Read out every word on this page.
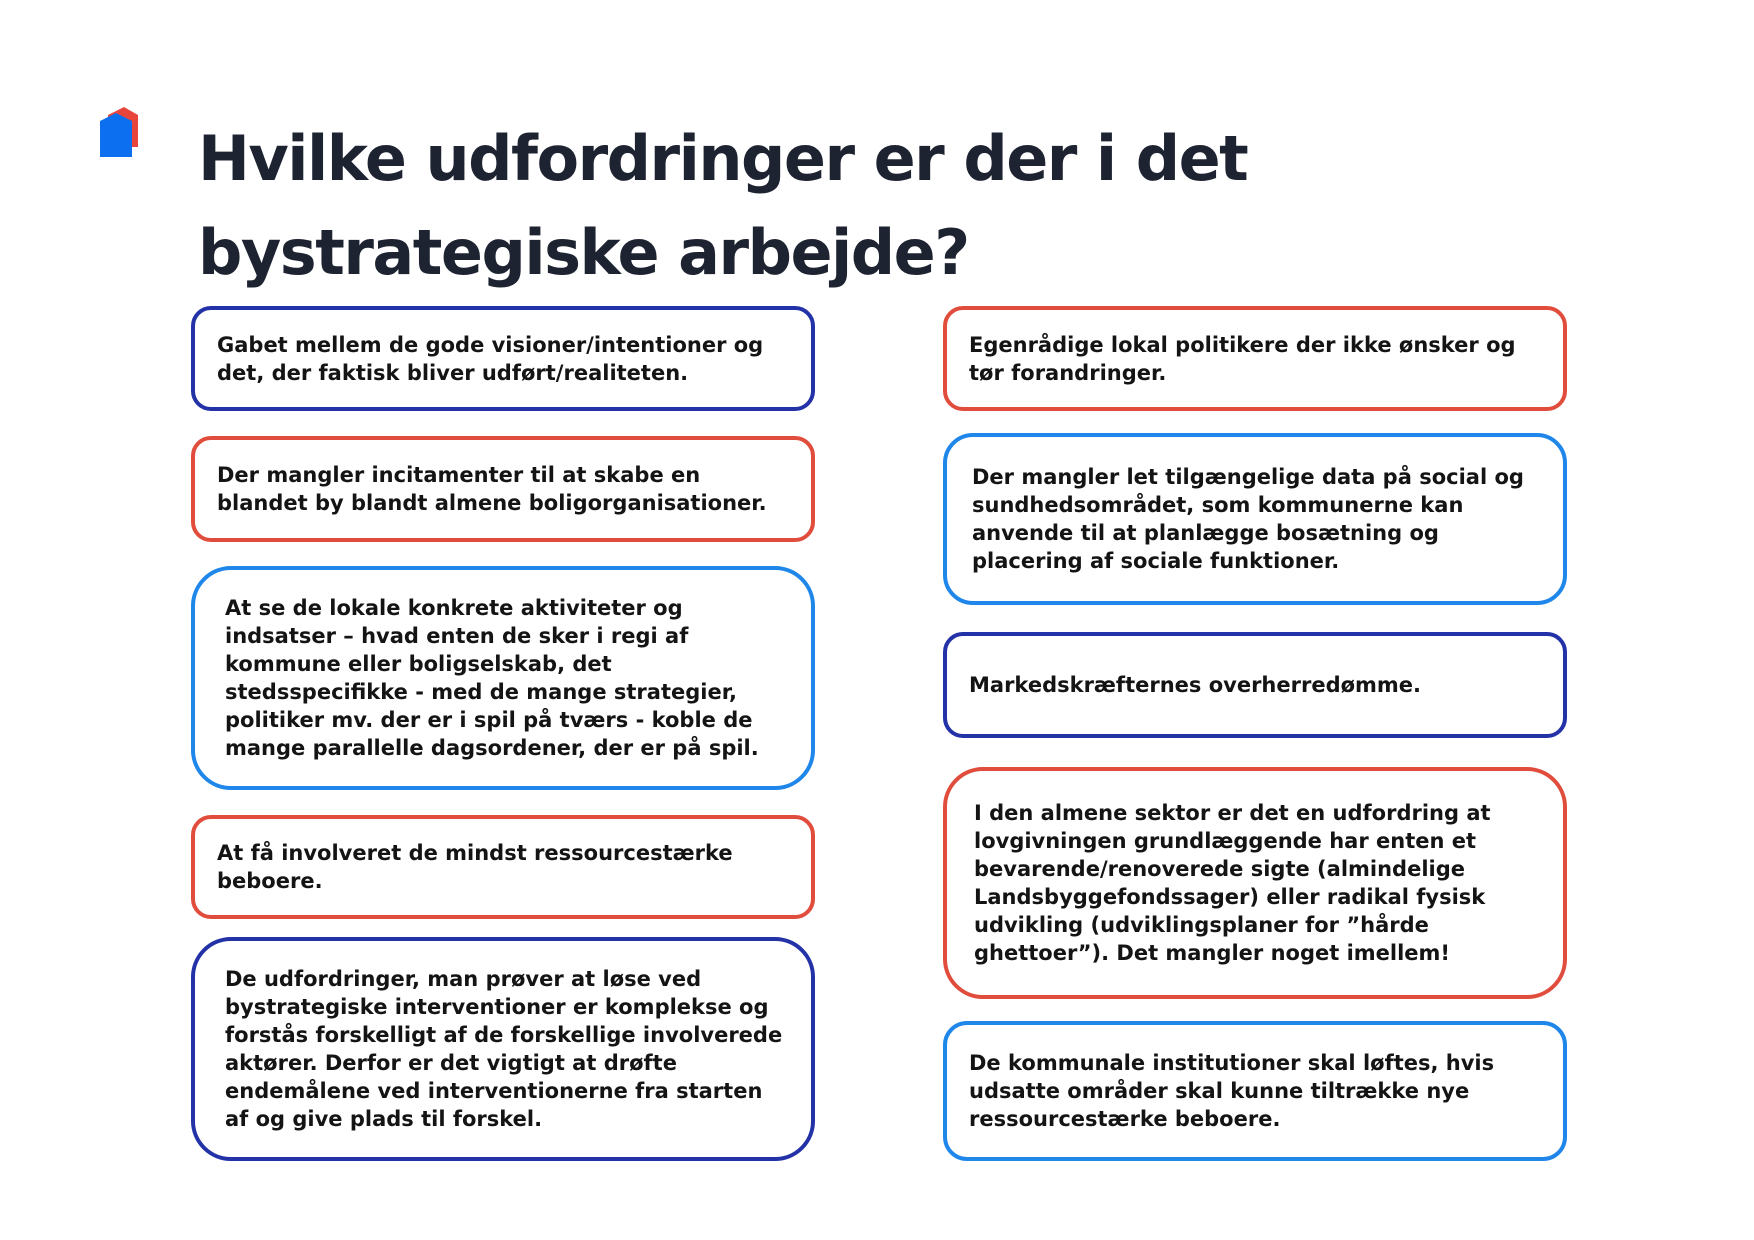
Hvilke udfordringer er der i det bystrategiske arbejde?

Gabet mellem de gode visioner/intentioner og det, der faktisk bliver udført/realiteten.

Der mangler incitamenter til at skabe en blandet by blandt almene boligorganisationer.

At se de lokale konkrete aktiviteter og indsatser – hvad enten de sker i regi af kommune eller boligselskab, det stedsspecifikke - med de mange strategier, politiker mv. der er i spil på tværs - koble de mange parallelle dagsordener, der er på spil.

At få involveret de mindst ressourcestærke beboere.

De udfordringer, man prøver at løse ved bystrategiske interventioner er komplekse og forstås forskelligt af de forskellige involverede aktører. Derfor er det vigtigt at drøfte endemålene ved interventionerne fra starten af og give plads til forskel.

Egenrådige lokal politikere der ikke ønsker og tør forandringer.

Der mangler let tilgængelige data på social og sundhedsområdet, som kommunerne kan anvende til at planlægge bosætning og placering af sociale funktioner.

Markedskræfternes overherredømme.

I den almene sektor er det en udfordring at lovgivningen grundlæggende har enten et bevarende/renoverede sigte (almindelige Landsbyggefondssager) eller radikal fysisk udvikling (udviklingsplaner for ”hårde ghettoer”). Det mangler noget imellem!

De kommunale institutioner skal løftes, hvis udsatte områder skal kunne tiltrække nye ressourcestærke beboere.
